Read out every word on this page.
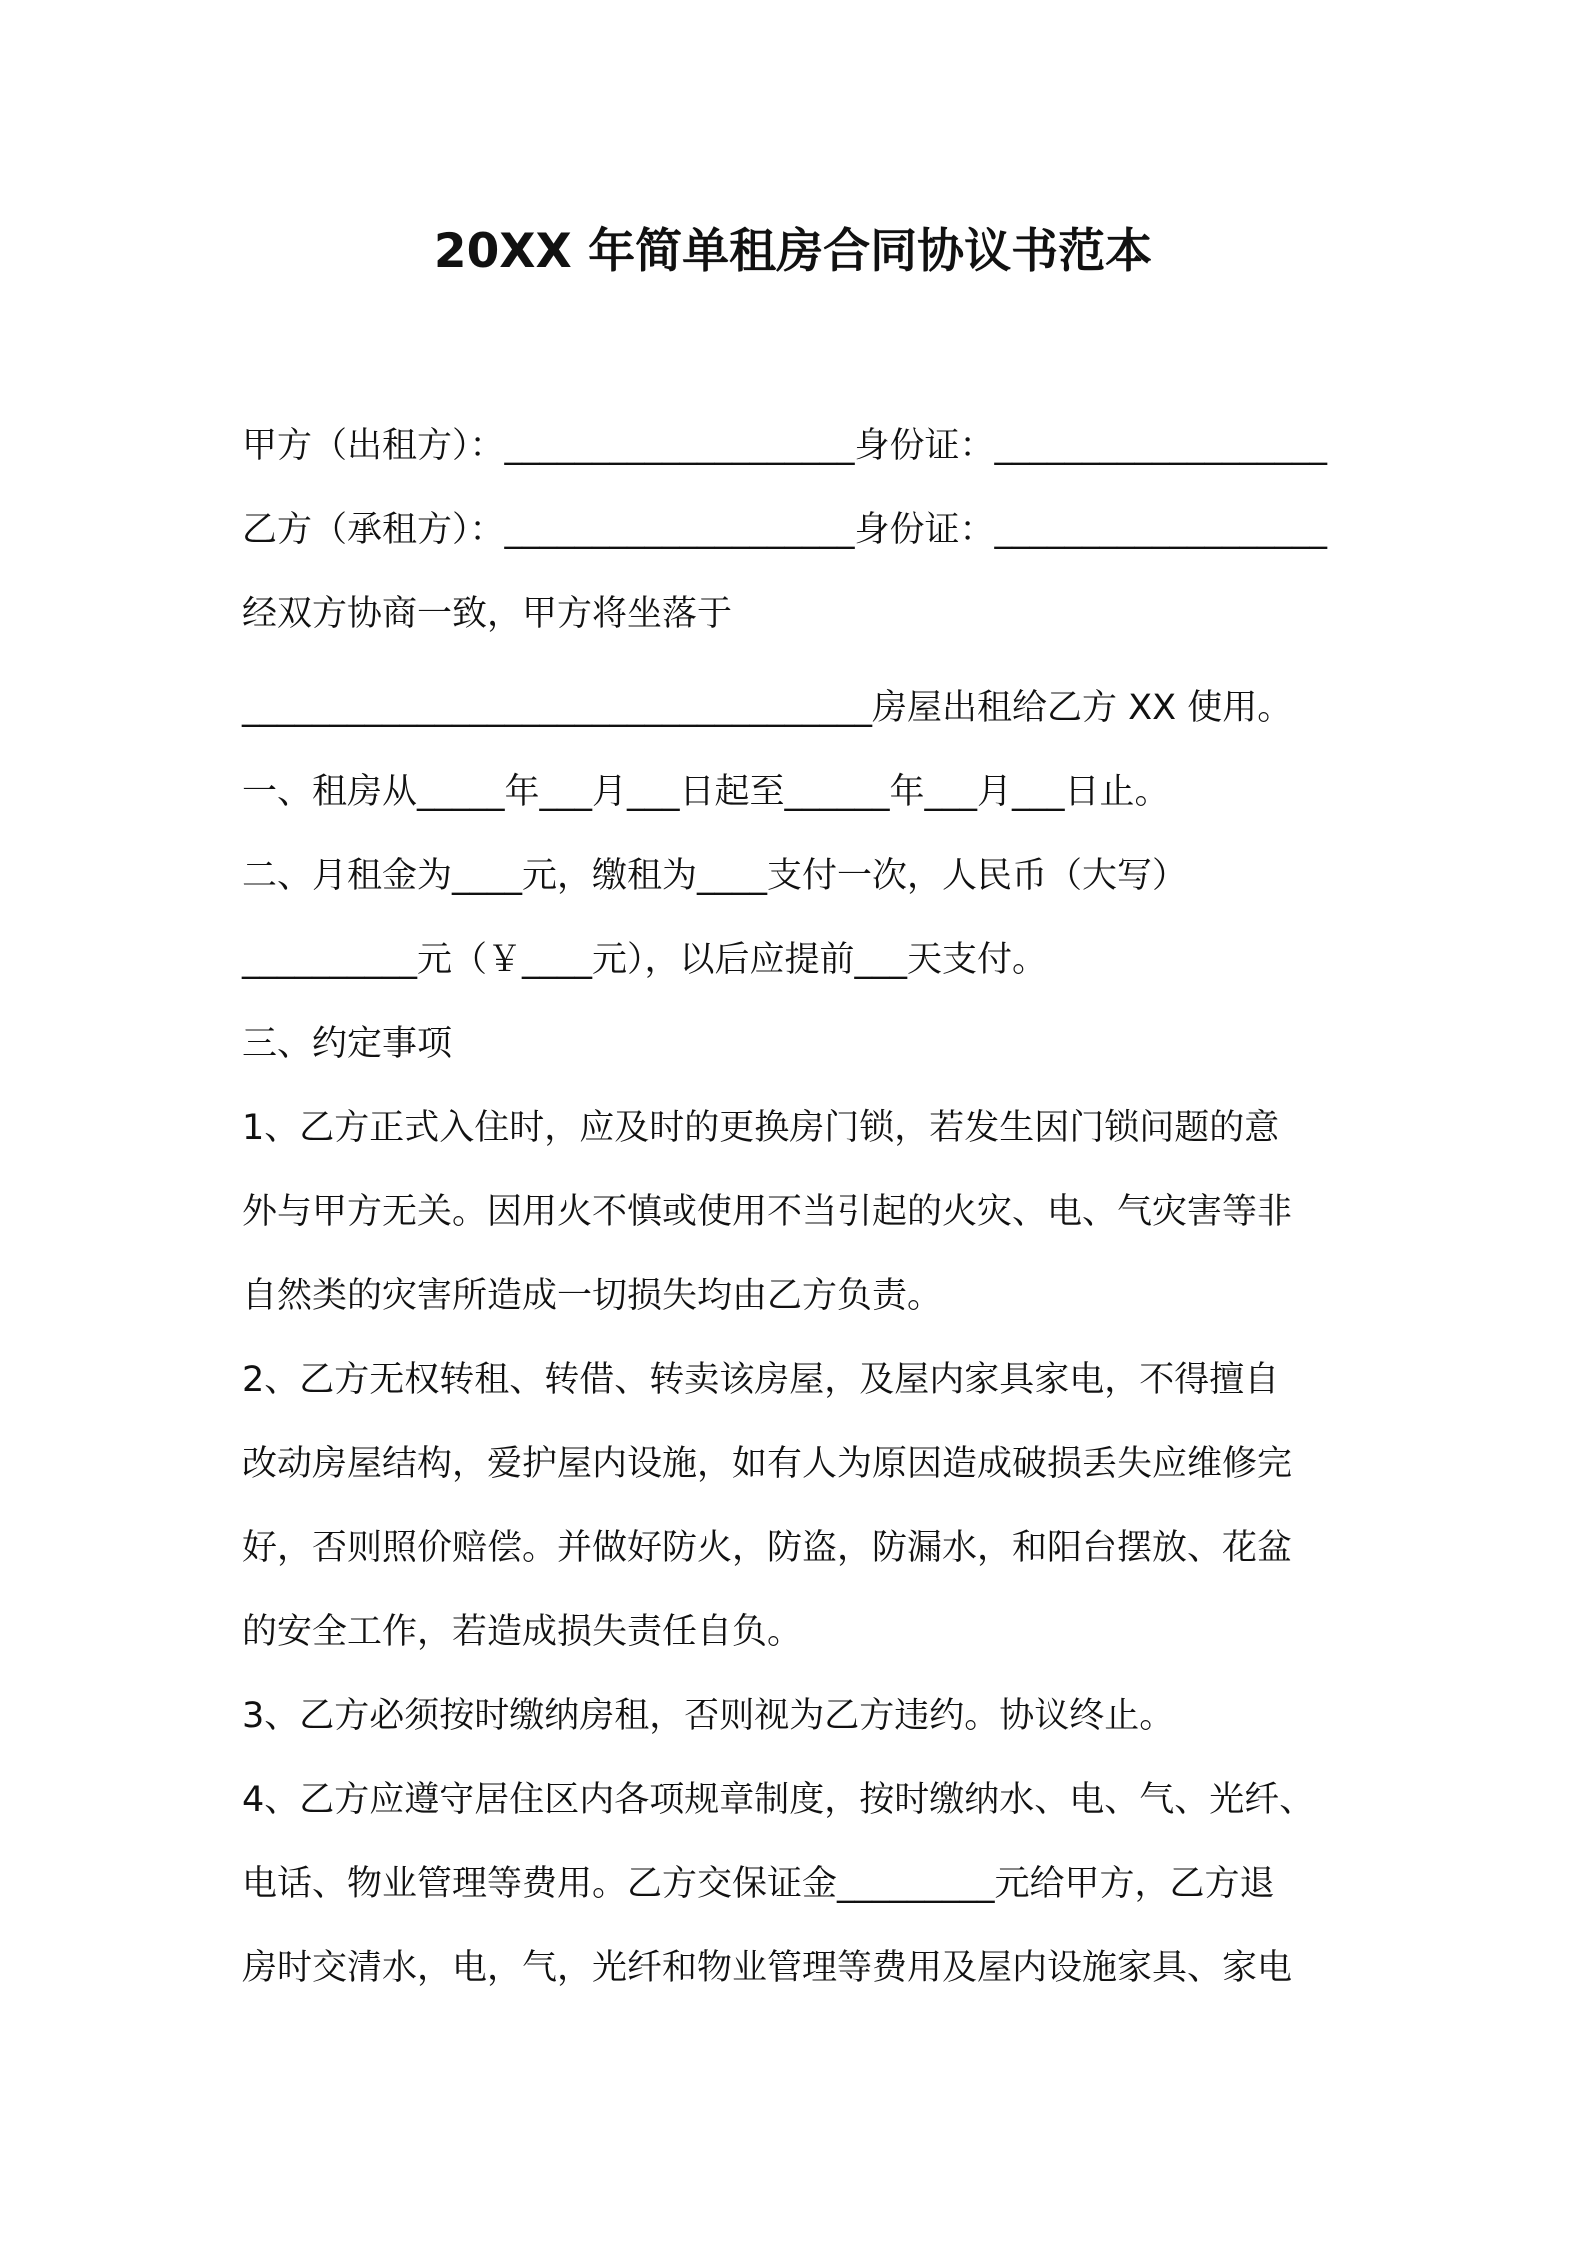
20XX 年简单租房合同协议书范本
甲方（出租方）：____________________身份证：___________________
乙方（承租方）：____________________身份证：___________________
经双方协商一致，甲方将坐落于
____________________________________房屋出租给乙方 XX 使用。
一、租房从_____年___月___日起至______年___月___日止。
二、月租金为____元，缴租为____支付一次，人民币（大写）
__________元（￥____元），以后应提前___天支付。
三、约定事项
1、乙方正式入住时，应及时的更换房门锁，若发生因门锁问题的意
外与甲方无关。因用火不慎或使用不当引起的火灾、电、气灾害等非
自然类的灾害所造成一切损失均由乙方负责。
2、乙方无权转租、转借、转卖该房屋，及屋内家具家电，不得擅自
改动房屋结构，爱护屋内设施，如有人为原因造成破损丢失应维修完
好，否则照价赔偿。并做好防火，防盗，防漏水，和阳台摆放、花盆
的安全工作，若造成损失责任自负。
3、乙方必须按时缴纳房租，否则视为乙方违约。协议终止。
4、乙方应遵守居住区内各项规章制度，按时缴纳水、电、气、光纤、
电话、物业管理等费用。乙方交保证金_________元给甲方，乙方退
房时交清水，电，气，光纤和物业管理等费用及屋内设施家具、家电
